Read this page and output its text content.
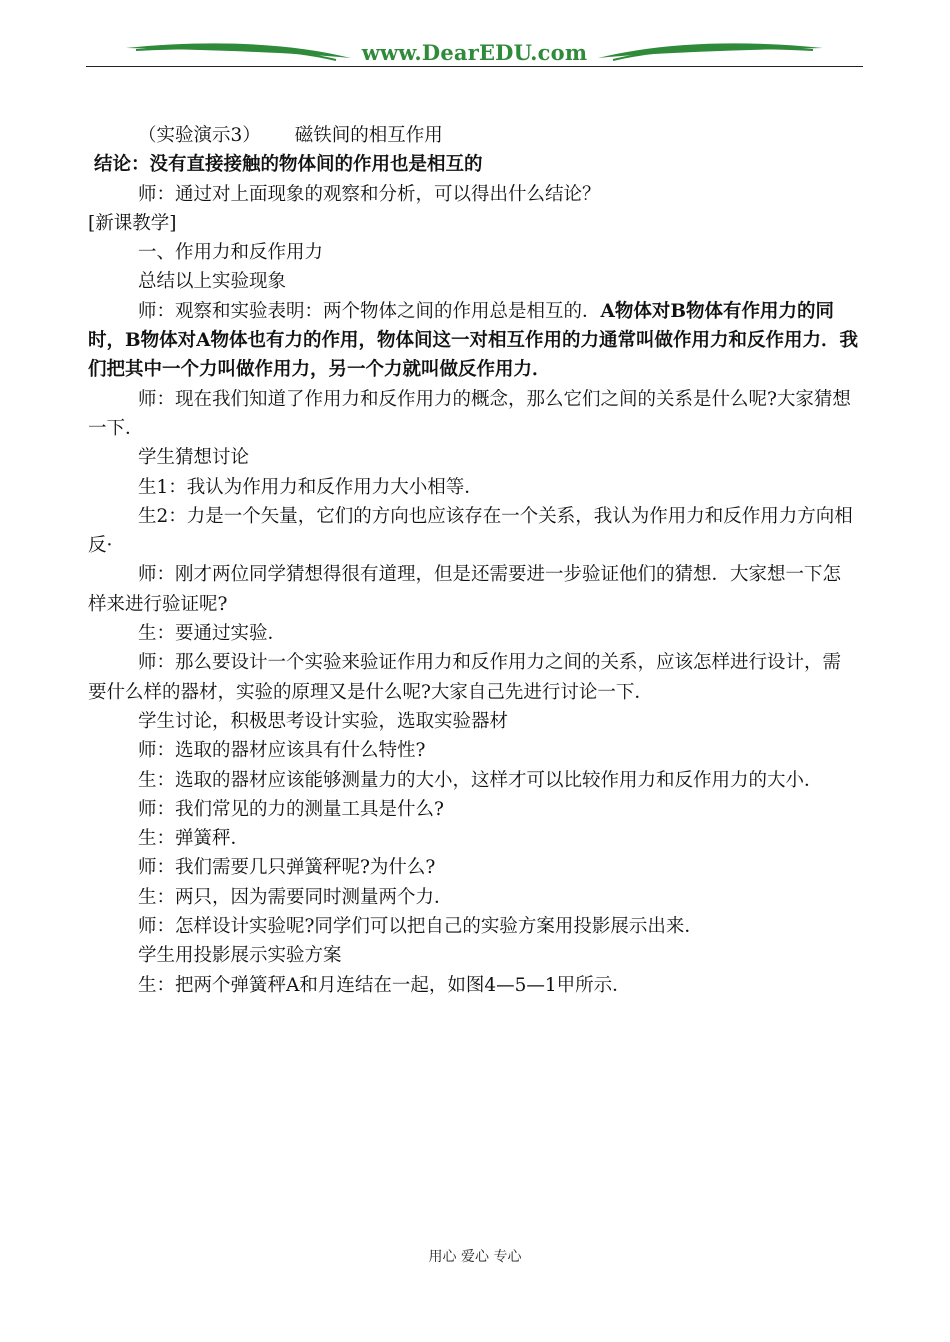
www.DearEDU.com

（实验演示3） 磁铁间的相互作用

结论：没有直接接触的物体间的作用也是相互的

师：通过对上面现象的观察和分析，可以得出什么结论？

[新课教学]

一、作用力和反作用力

总结以上实验现象

师：观察和实验表明：两个物体之间的作用总是相互的．A物体对B物体有作用力的同时，B物体对A物体也有力的作用，物体间这一对相互作用的力通常叫做作用力和反作用力．我们把其中一个力叫做作用力，另一个力就叫做反作用力．

师：现在我们知道了作用力和反作用力的概念，那么它们之间的关系是什么呢?大家猜想一下．

学生猜想讨论

生1：我认为作用力和反作用力大小相等．

生2：力是一个矢量，它们的方向也应该存在一个关系，我认为作用力和反作用力方向相反·

师：刚才两位同学猜想得很有道理，但是还需要进一步验证他们的猜想．大家想一下怎样来进行验证呢?

生：要通过实验．

师：那么要设计一个实验来验证作用力和反作用力之间的关系，应该怎样进行设计，需要什么样的器材，实验的原理又是什么呢?大家自己先进行讨论一下．

学生讨论，积极思考设计实验，选取实验器材

师：选取的器材应该具有什么特性?

生：选取的器材应该能够测量力的大小，这样才可以比较作用力和反作用力的大小．

师：我们常见的力的测量工具是什么?

生：弹簧秤．

师：我们需要几只弹簧秤呢?为什么?

生：两只，因为需要同时测量两个力．

师：怎样设计实验呢?同学们可以把自己的实验方案用投影展示出来．

学生用投影展示实验方案

生：把两个弹簧秤A和月连结在一起，如图4—5—1甲所示．

用心 爱心 专心
